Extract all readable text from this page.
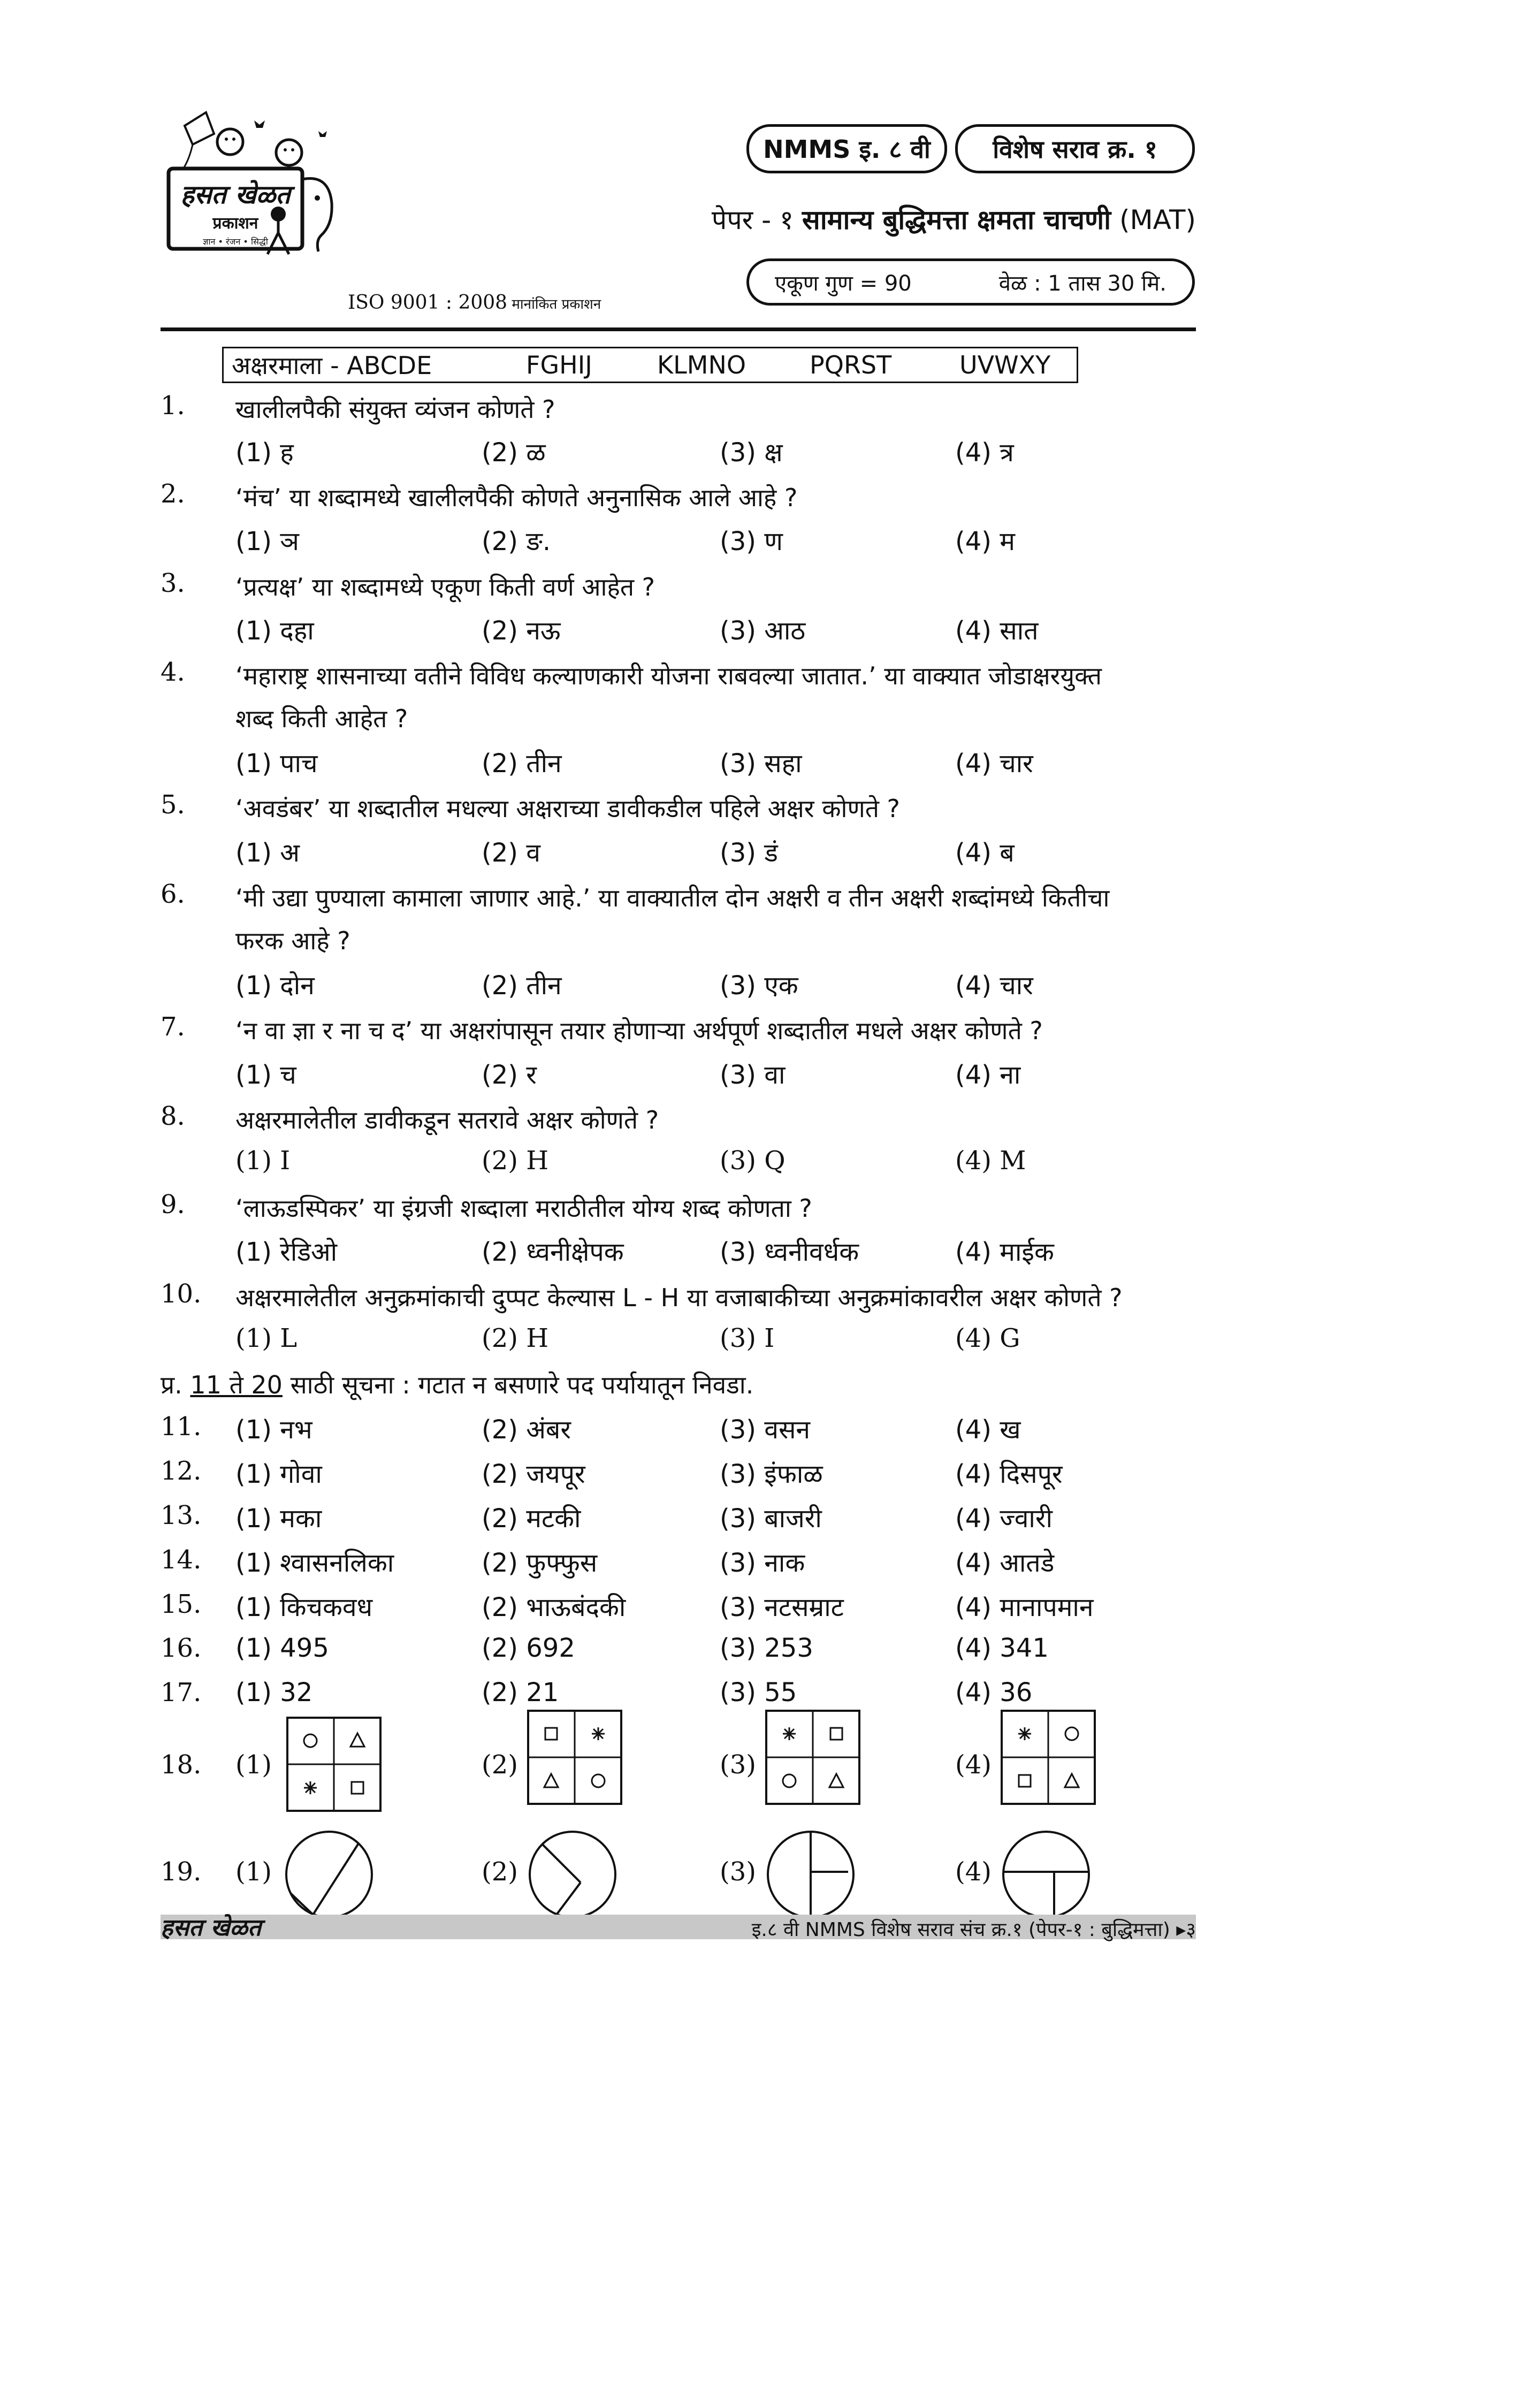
हसत खेळत
प्रकाशन
ज्ञान • रंजन • सिद्धी
NMMS इ. ८ वी	विशेष सराव क्र. १
पेपर - १ सामान्य बुद्धिमत्ता क्षमता चाचणी (MAT)
एकूण गुण = 90	वेळ : 1 तास 30 मि.
ISO 9001 : 2008 मानांकित प्रकाशन
अक्षरमाला - ABCDE	FGHIJ	KLMNO	PQRST	UVWXY
1.	खालीलपैकी संयुक्त व्यंजन कोणते ?
(1) ह	(2) ळ	(3) क्ष	(4) त्र
2.	‘मंच’ या शब्दामध्ये खालीलपैकी कोणते अनुनासिक आले आहे ?
(1) ञ	(2) ङ.	(3) ण	(4) म
3.	‘प्रत्यक्ष’ या शब्दामध्ये एकूण किती वर्ण आहेत ?
(1) दहा	(2) नऊ	(3) आठ	(4) सात
4.	‘महाराष्ट्र शासनाच्या वतीने विविध कल्याणकारी योजना राबवल्या जातात.’ या वाक्यात जोडाक्षरयुक्त
शब्द किती आहेत ?
(1) पाच	(2) तीन	(3) सहा	(4) चार
5.	‘अवडंबर’ या शब्दातील मधल्या अक्षराच्या डावीकडील पहिले अक्षर कोणते ?
(1) अ	(2) व	(3) डं	(4) ब
6.	‘मी उद्या पुण्याला कामाला जाणार आहे.’ या वाक्यातील दोन अक्षरी व तीन अक्षरी शब्दांमध्ये कितीचा
फरक आहे ?
(1) दोन	(2) तीन	(3) एक	(4) चार
7.	‘न वा ज्ञा र ना च द’ या अक्षरांपासून तयार होणाऱ्या अर्थपूर्ण शब्दातील मधले अक्षर कोणते ?
(1) च	(2) र	(3) वा	(4) ना
8.	अक्षरमालेतील डावीकडून सतरावे अक्षर कोणते ?
(1) I	(2) H	(3) Q	(4) M
9.	‘लाऊडस्पिकर’ या इंग्रजी शब्दाला मराठीतील योग्य शब्द कोणता ?
(1) रेडिओ	(2) ध्वनीक्षेपक	(3) ध्वनीवर्धक	(4) माईक
10.	अक्षरमालेतील अनुक्रमांकाची दुप्पट केल्यास L - H या वजाबाकीच्या अनुक्रमांकावरील अक्षर कोणते ?
(1) L	(2) H	(3) I	(4) G
प्र. 11 ते 20 साठी सूचना : गटात न बसणारे पद पर्यायातून निवडा.
11.	(1) नभ	(2) अंबर	(3) वसन	(4) ख
12.	(1) गोवा	(2) जयपूर	(3) इंफाळ	(4) दिसपूर
13.	(1) मका	(2) मटकी	(3) बाजरी	(4) ज्वारी
14.	(1) श्वासनलिका	(2) फुफ्फुस	(3) नाक	(4) आतडे
15.	(1) किचकवध	(2) भाऊबंदकी	(3) नटसम्राट	(4) मानापमान
16.	(1) 495	(2) 692	(3) 253	(4) 341
17.	(1) 32	(2) 21	(3) 55	(4) 36
18.	(1)	(2)	(3)	(4)
19.	(1)	(2)	(3)	(4)
हसत खेळत	इ.८ वी NMMS विशेष सराव संच क्र.१ (पेपर-१ : बुद्धिमत्ता) ▸३
